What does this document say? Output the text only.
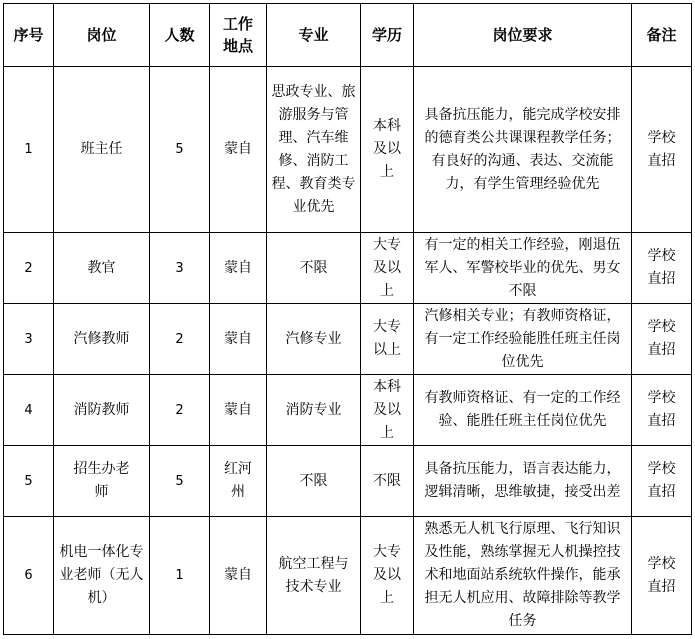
序号	岗位	人数	工作地点	专业	学历	岗位要求	备注
1	班主任	5	蒙自	思政专业、旅游服务与管理、汽车维修、消防工程、教育类专业优先	本科及以上	具备抗压能力，能完成学校安排的德育类公共课课程教学任务；有良好的沟通、表达、交流能力，有学生管理经验优先	学校直招
2	教官	3	蒙自	不限	大专及以上	有一定的相关工作经验，刚退伍军人、军警校毕业的优先、男女不限	学校直招
3	汽修教师	2	蒙自	汽修专业	大专以上	汽修相关专业；有教师资格证，有一定工作经验能胜任班主任岗位优先	学校直招
4	消防教师	2	蒙自	消防专业	本科及以上	有教师资格证、有一定的工作经验、能胜任班主任岗位优先	学校直招
5	招生办老师	5	红河州	不限	不限	具备抗压能力，语言表达能力，逻辑清晰，思维敏捷，接受出差	学校直招
6	机电一体化专业老师（无人机）	1	蒙自	航空工程与技术专业	大专及以上	熟悉无人机飞行原理、飞行知识及性能，熟练掌握无人机操控技术和地面站系统软件操作，能承担无人机应用、故障排除等教学任务	学校直招
